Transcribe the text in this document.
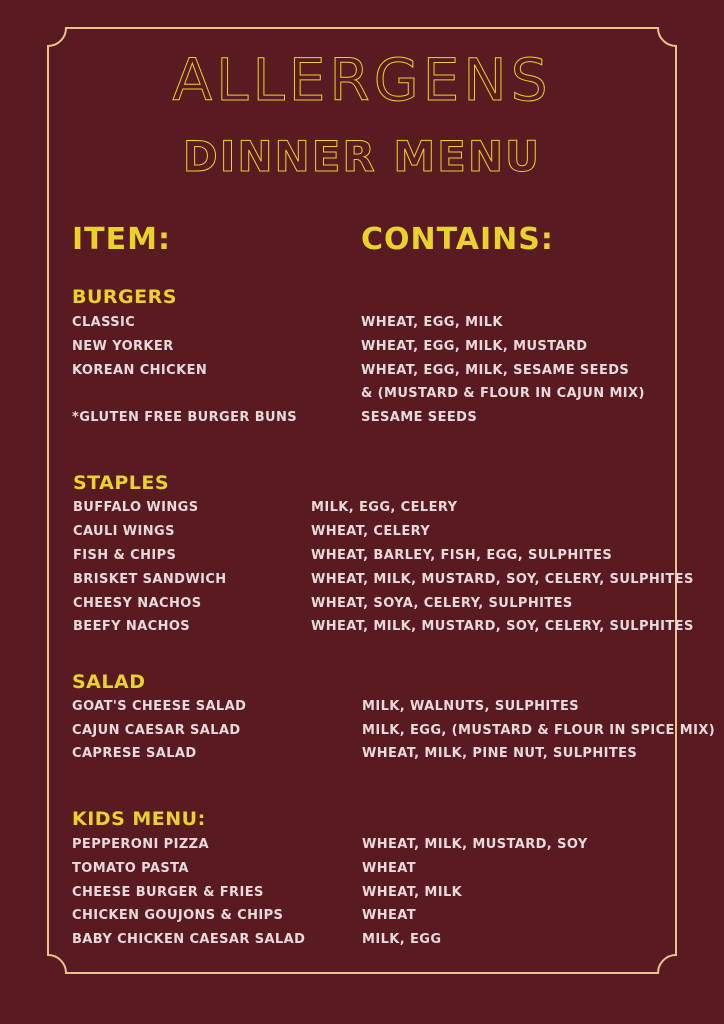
ALLERGENS
DINNER MENU
ITEM:	CONTAINS:
BURGERS
CLASSIC	WHEAT, EGG, MILK
NEW YORKER	WHEAT, EGG, MILK, MUSTARD
KOREAN CHICKEN	WHEAT, EGG, MILK, SESAME SEEDS
& (MUSTARD & FLOUR IN CAJUN MIX)
*GLUTEN FREE BURGER BUNS	SESAME SEEDS
STAPLES
BUFFALO WINGS	MILK, EGG, CELERY
CAULI WINGS	WHEAT, CELERY
FISH & CHIPS	WHEAT, BARLEY, FISH, EGG, SULPHITES
BRISKET SANDWICH	WHEAT, MILK, MUSTARD, SOY, CELERY, SULPHITES
CHEESY NACHOS	WHEAT, SOYA, CELERY, SULPHITES
BEEFY NACHOS	WHEAT, MILK, MUSTARD, SOY, CELERY, SULPHITES
SALAD
GOAT'S CHEESE SALAD	MILK, WALNUTS, SULPHITES
CAJUN CAESAR SALAD	MILK, EGG, (MUSTARD & FLOUR IN SPICE MIX)
CAPRESE SALAD	WHEAT, MILK, PINE NUT, SULPHITES
KIDS MENU:
PEPPERONI PIZZA	WHEAT, MILK, MUSTARD, SOY
TOMATO PASTA	WHEAT
CHEESE BURGER & FRIES	WHEAT, MILK
CHICKEN GOUJONS & CHIPS	WHEAT
BABY CHICKEN CAESAR SALAD	MILK, EGG
